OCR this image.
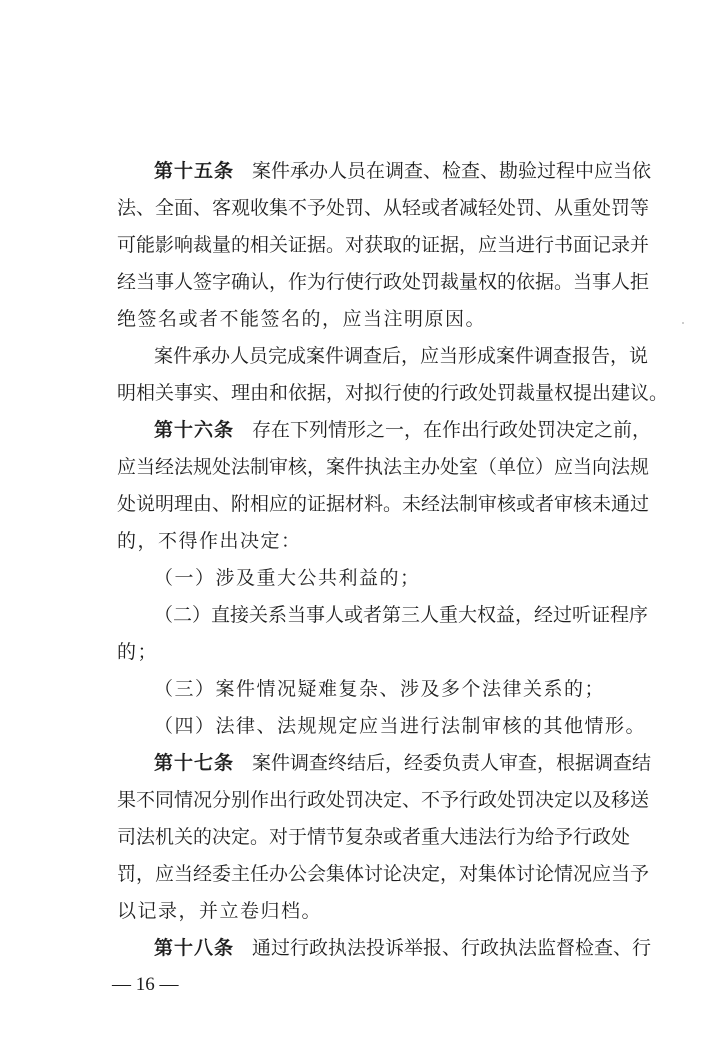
第十五条 案件承办人员在调查、检查、勘验过程中应当依
法、全面、客观收集不予处罚、从轻或者减轻处罚、从重处罚等
可能影响裁量的相关证据。对获取的证据，应当进行书面记录并
经当事人签字确认，作为行使行政处罚裁量权的依据。当事人拒
绝签名或者不能签名的，应当注明原因。
案件承办人员完成案件调查后，应当形成案件调查报告，说
明相关事实、理由和依据，对拟行使的行政处罚裁量权提出建议。
第十六条 存在下列情形之一，在作出行政处罚决定之前，
应当经法规处法制审核，案件执法主办处室（单位）应当向法规
处说明理由、附相应的证据材料。未经法制审核或者审核未通过
的，不得作出决定：
（一）涉及重大公共利益的；
（二）直接关系当事人或者第三人重大权益，经过听证程序
的；
（三）案件情况疑难复杂、涉及多个法律关系的；
（四）法律、法规规定应当进行法制审核的其他情形。
第十七条 案件调查终结后，经委负责人审查，根据调查结
果不同情况分别作出行政处罚决定、不予行政处罚决定以及移送
司法机关的决定。对于情节复杂或者重大违法行为给予行政处
罚，应当经委主任办公会集体讨论决定，对集体讨论情况应当予
以记录，并立卷归档。
第十八条 通过行政执法投诉举报、行政执法监督检查、行
— 16 —
